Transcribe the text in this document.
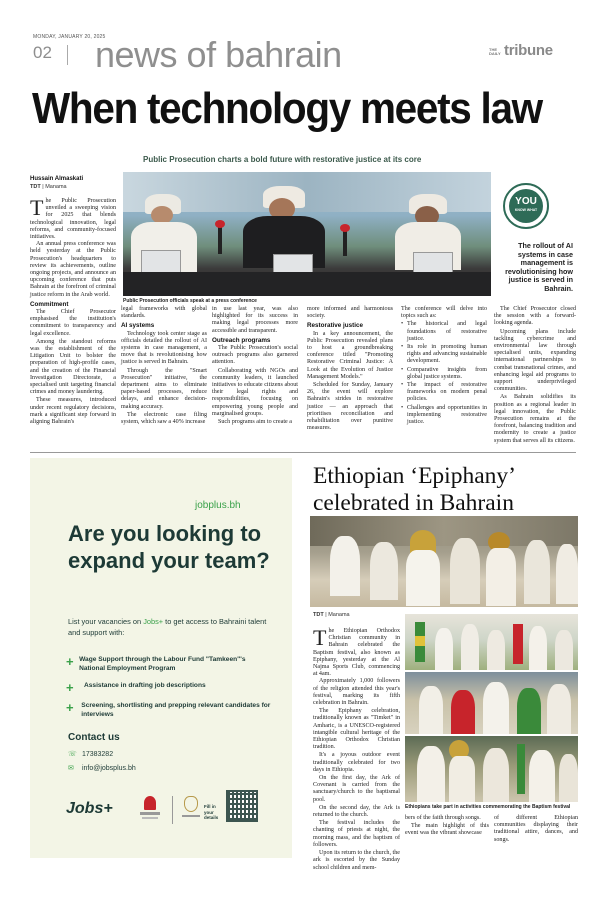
MONDAY, JANUARY 20, 2025
02 news of bahrain	THE DAILY tribune
When technology meets law
Public Prosecution charts a bold future with restorative justice at its core
Hussain Almaskati
TDT | Manama
Public Prosecution officials speak at a press conference
YOU
KNOW WHAT
The rollout of AI systems in case management is revolutionising how justice is served in Bahrain.
The Public Prosecution unveiled a sweeping vision for 2025 that blends technological innovation, legal reforms, and community-focused initiatives.

An annual press conference was held yesterday at the Public Prosecution's headquarters to review its achievements, outline ongoing projects, and announce an upcoming conference that puts Bahrain at the forefront of criminal justice reform in the Arab world.

Commitment

The Chief Prosecutor emphasised the institution's commitment to transparency and legal excellence.

Among the standout reforms was the establishment of the Litigation Unit to bolster the preparation of high-profile cases, and the creation of the Financial Investigation Directorate, a specialised unit targeting financial crimes and money laundering.

These measures, introduced under recent regulatory decisions, mark a significant step forward in aligning Bahrain's

legal frameworks with global standards.

AI systems

Technology took center stage as officials detailed the rollout of AI systems in case management, a move that is revolutionising how justice is served in Bahrain.

Through the "Smart Prosecution" initiative, the department aims to eliminate paper-based processes, reduce delays, and enhance decision-making accuracy.

The electronic case filing system, which saw a 40% increase

in use last year, was also highlighted for its success in making legal processes more accessible and transparent.

Outreach programs

The Public Prosecution's social outreach programs also garnered attention.

Collaborating with NGOs and community leaders, it launched initiatives to educate citizens about their legal rights and responsibilities, focusing on empowering young people and marginalised groups.

Such programs aim to create a

more informed and harmonious society.

Restorative justice

In a key announcement, the Public Prosecution revealed plans to host a groundbreaking conference titled "Promoting Restorative Criminal Justice: A Look at the Evolution of Justice Management Models."

Scheduled for Sunday, January 26, the event will explore Bahrain's strides in restorative justice — an approach that prioritises reconciliation and rehabilitation over punitive measures.

The conference will delve into topics such as:

• The historical and legal foundations of restorative justice.
• Its role in promoting human rights and advancing sustainable development.
• Comparative insights from global justice systems.
• The impact of restorative frameworks on modern penal policies.
• Challenges and opportunities in implementing restorative justice.

The Chief Prosecutor closed the session with a forward-looking agenda.

Upcoming plans include tackling cybercrime and environmental law through specialised units, expanding international partnerships to combat transnational crimes, and enhancing legal aid programs to support underprivileged communities.

As Bahrain solidifies its position as a regional leader in legal innovation, the Public Prosecution remains at the forefront, balancing tradition and modernity to create a justice system that serves all its citizens.

jobplus.bh
Are you looking to expand your team?
List your vacancies on Jobs+ to get access to Bahraini talent and support with:
+ Wage Support through the Labour Fund "Tamkeen"'s National Employment Program
+	Assistance in drafting job descriptions
+	Screening, shortlisting and prepping relevant candidates for interviews
Contact us
☏ 17383282
✉ info@jobsplus.bh
Jobs+	Fill in your details
Ethiopian ‘Epiphany’ celebrated in Bahrain
TDT | Manama
The Ethiopian Orthodox Christian community in Bahrain celebrated the Baptism festival, also known as Epiphany, yesterday at the Al Najma Sports Club, commencing at 4am.

Approximately 1,000 followers of the religion attended this year's festival, marking its fifth celebration in Bahrain.

The Epiphany celebration, traditionally known as "Timket" in Amharic, is a UNESCO-registered intangible cultural heritage of the Ethiopian Orthodox Christian tradition.

It's a joyous outdoor event traditionally celebrated for two days in Ethiopia.

On the first day, the Ark of Covenant is carried from the sanctuary/church to the baptismal pool.

On the second day, the Ark is returned to the church.

The festival includes the chanting of priests at night, the morning mass, and the baptism of followers.

Upon its return to the church, the ark is escorted by the Sunday school children and mem-

Ethiopians take part in activities commemorating the Baptism festival

bers of the faith through songs.

The main highlight of this event was the vibrant showcase

of different Ethiopian communities displaying their traditional attire, dances, and songs.
